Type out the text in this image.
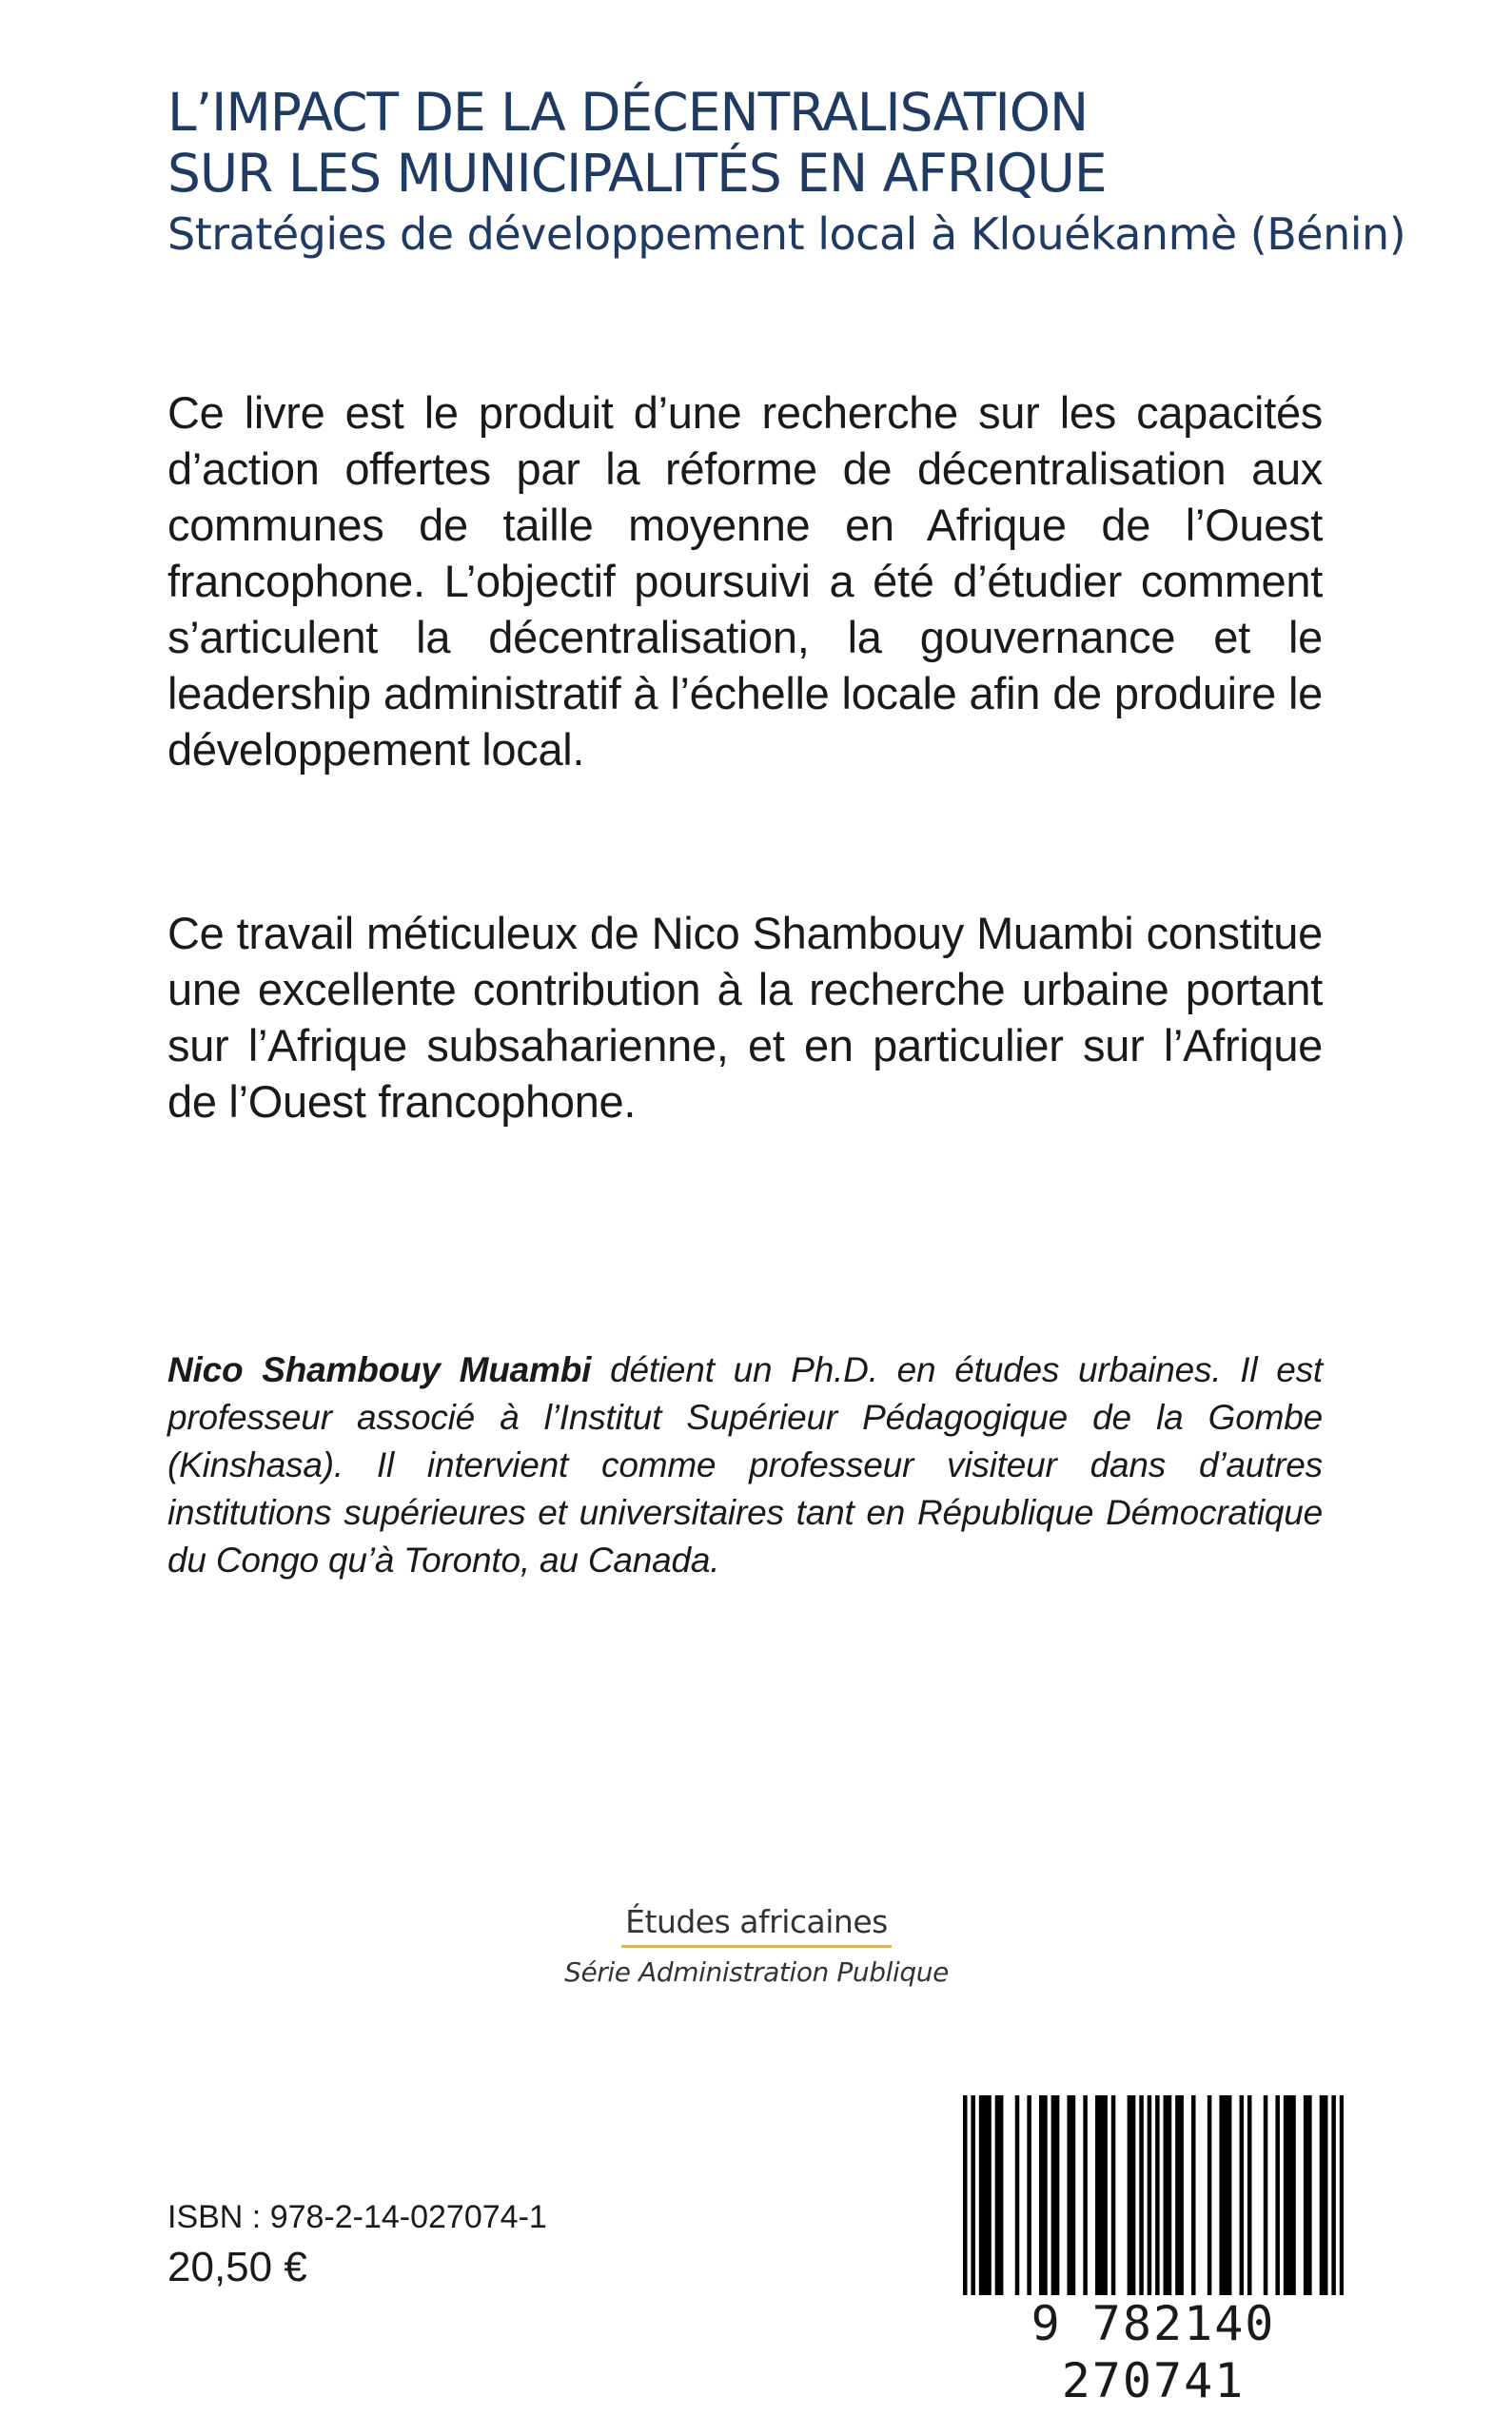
L’IMPACT DE LA DÉCENTRALISATION
SUR LES MUNICIPALITÉS EN AFRIQUE
Stratégies de développement local à Klouékanmè (Bénin)
Ce livre est le produit d’une recherche sur les capacités d’action offertes par la réforme de décentralisation aux communes de taille moyenne en Afrique de l’Ouest francophone. L’objectif poursuivi a été d’étudier comment s’articulent la décentralisation, la gouvernance et le leadership administratif à l’échelle locale afin de produire le développement local.
Ce travail méticuleux de Nico Shambouy Muambi constitue une excellente contribution à la recherche urbaine portant sur l’Afrique subsaharienne, et en particulier sur l’Afrique de l’Ouest francophone.
Nico Shambouy Muambi détient un Ph.D. en études urbaines. Il est professeur associé à l’Institut Supérieur Pédagogique de la Gombe (Kinshasa). Il intervient comme professeur visiteur dans d’autres institutions supérieures et universitaires tant en République Démocratique du Congo qu’à Toronto, au Canada.
Études africaines
Série Administration Publique
ISBN : 978-2-14-027074-1
20,50 €
9 782140 270741
